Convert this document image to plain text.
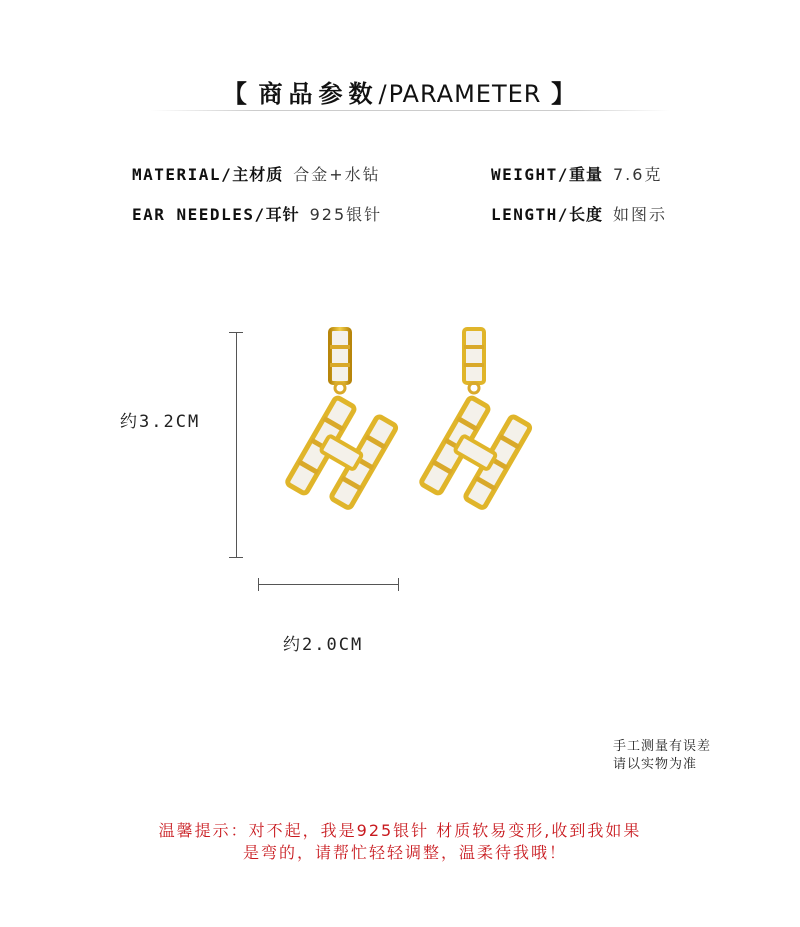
【 商品参数/PARAMETER 】
MATERIAL/主材质 合金+水钻	WEIGHT/重量 7.6克
EAR NEEDLES/耳针 925银针	LENGTH/长度 如图示
约3.2CM
约2.0CM
手工测量有误差
请以实物为准
温馨提示：对不起，我是925银针 材质软易变形,收到我如果
是弯的，请帮忙轻轻调整，温柔待我哦！
